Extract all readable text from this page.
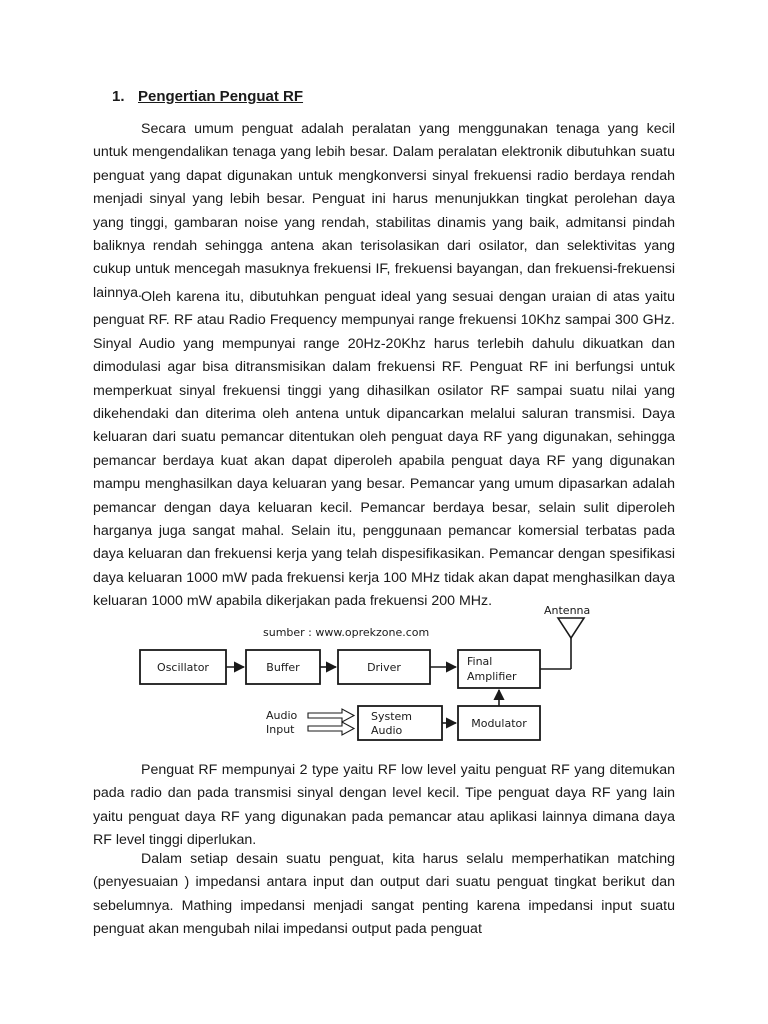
1. Pengertian Penguat RF

Secara umum penguat adalah peralatan yang menggunakan tenaga yang kecil untuk mengendalikan tenaga yang lebih besar. Dalam peralatan elektronik dibutuhkan suatu penguat yang dapat digunakan untuk mengkonversi sinyal frekuensi radio berdaya rendah menjadi sinyal yang lebih besar. Penguat ini harus menunjukkan tingkat perolehan daya yang tinggi, gambaran noise yang rendah, stabilitas dinamis yang baik, admitansi pindah baliknya rendah sehingga antena akan terisolasikan dari osilator, dan selektivitas yang cukup untuk mencegah masuknya frekuensi IF, frekuensi bayangan, dan frekuensi-frekuensi lainnya. Oleh karena itu, dibutuhkan penguat ideal yang sesuai dengan uraian di atas yaitu penguat RF. RF atau Radio Frequency mempunyai range frekuensi 10Khz sampai 300 GHz. Sinyal Audio yang mempunyai range 20Hz-20Khz harus terlebih dahulu dikuatkan dan dimodulasi agar bisa ditransmisikan dalam frekuensi RF. Penguat RF ini berfungsi untuk memperkuat sinyal frekuensi tinggi yang dihasilkan osilator RF sampai suatu nilai yang dikehendaki dan diterima oleh antena untuk dipancarkan melalui saluran transmisi. Daya keluaran dari suatu pemancar ditentukan oleh penguat daya RF yang digunakan, sehingga pemancar berdaya kuat akan dapat diperoleh apabila penguat daya RF yang digunakan mampu menghasilkan daya keluaran yang besar. Pemancar yang umum dipasarkan adalah pemancar dengan daya keluaran kecil. Pemancar berdaya besar, selain sulit diperoleh harganya juga sangat mahal. Selain itu, penggunaan pemancar komersial terbatas pada daya keluaran dan frekuensi kerja yang telah dispesifikasikan. Pemancar dengan spesifikasi daya keluaran 1000 mW pada frekuensi kerja 100 MHz tidak akan dapat menghasilkan daya keluaran 1000 mW apabila dikerjakan pada frekuensi 200 MHz.

sumber : www.oprekzone.com
Antenna
Oscillator	Buffer	Driver	Final
Amplifier
System
Audio
Modulator
Audio
Input

Penguat RF mempunyai 2 type yaitu RF low level yaitu penguat RF yang ditemukan pada radio dan pada transmisi sinyal dengan level kecil. Tipe penguat daya RF yang lain yaitu penguat daya RF yang digunakan pada pemancar atau aplikasi lainnya dimana daya RF level tinggi diperlukan.

Dalam setiap desain suatu penguat, kita harus selalu memperhatikan matching (penyesuaian ) impedansi antara input dan output dari suatu penguat tingkat berikut dan sebelumnya. Mathing impedansi menjadi sangat penting karena impedansi input suatu penguat akan mengubah nilai impedansi output pada penguat
